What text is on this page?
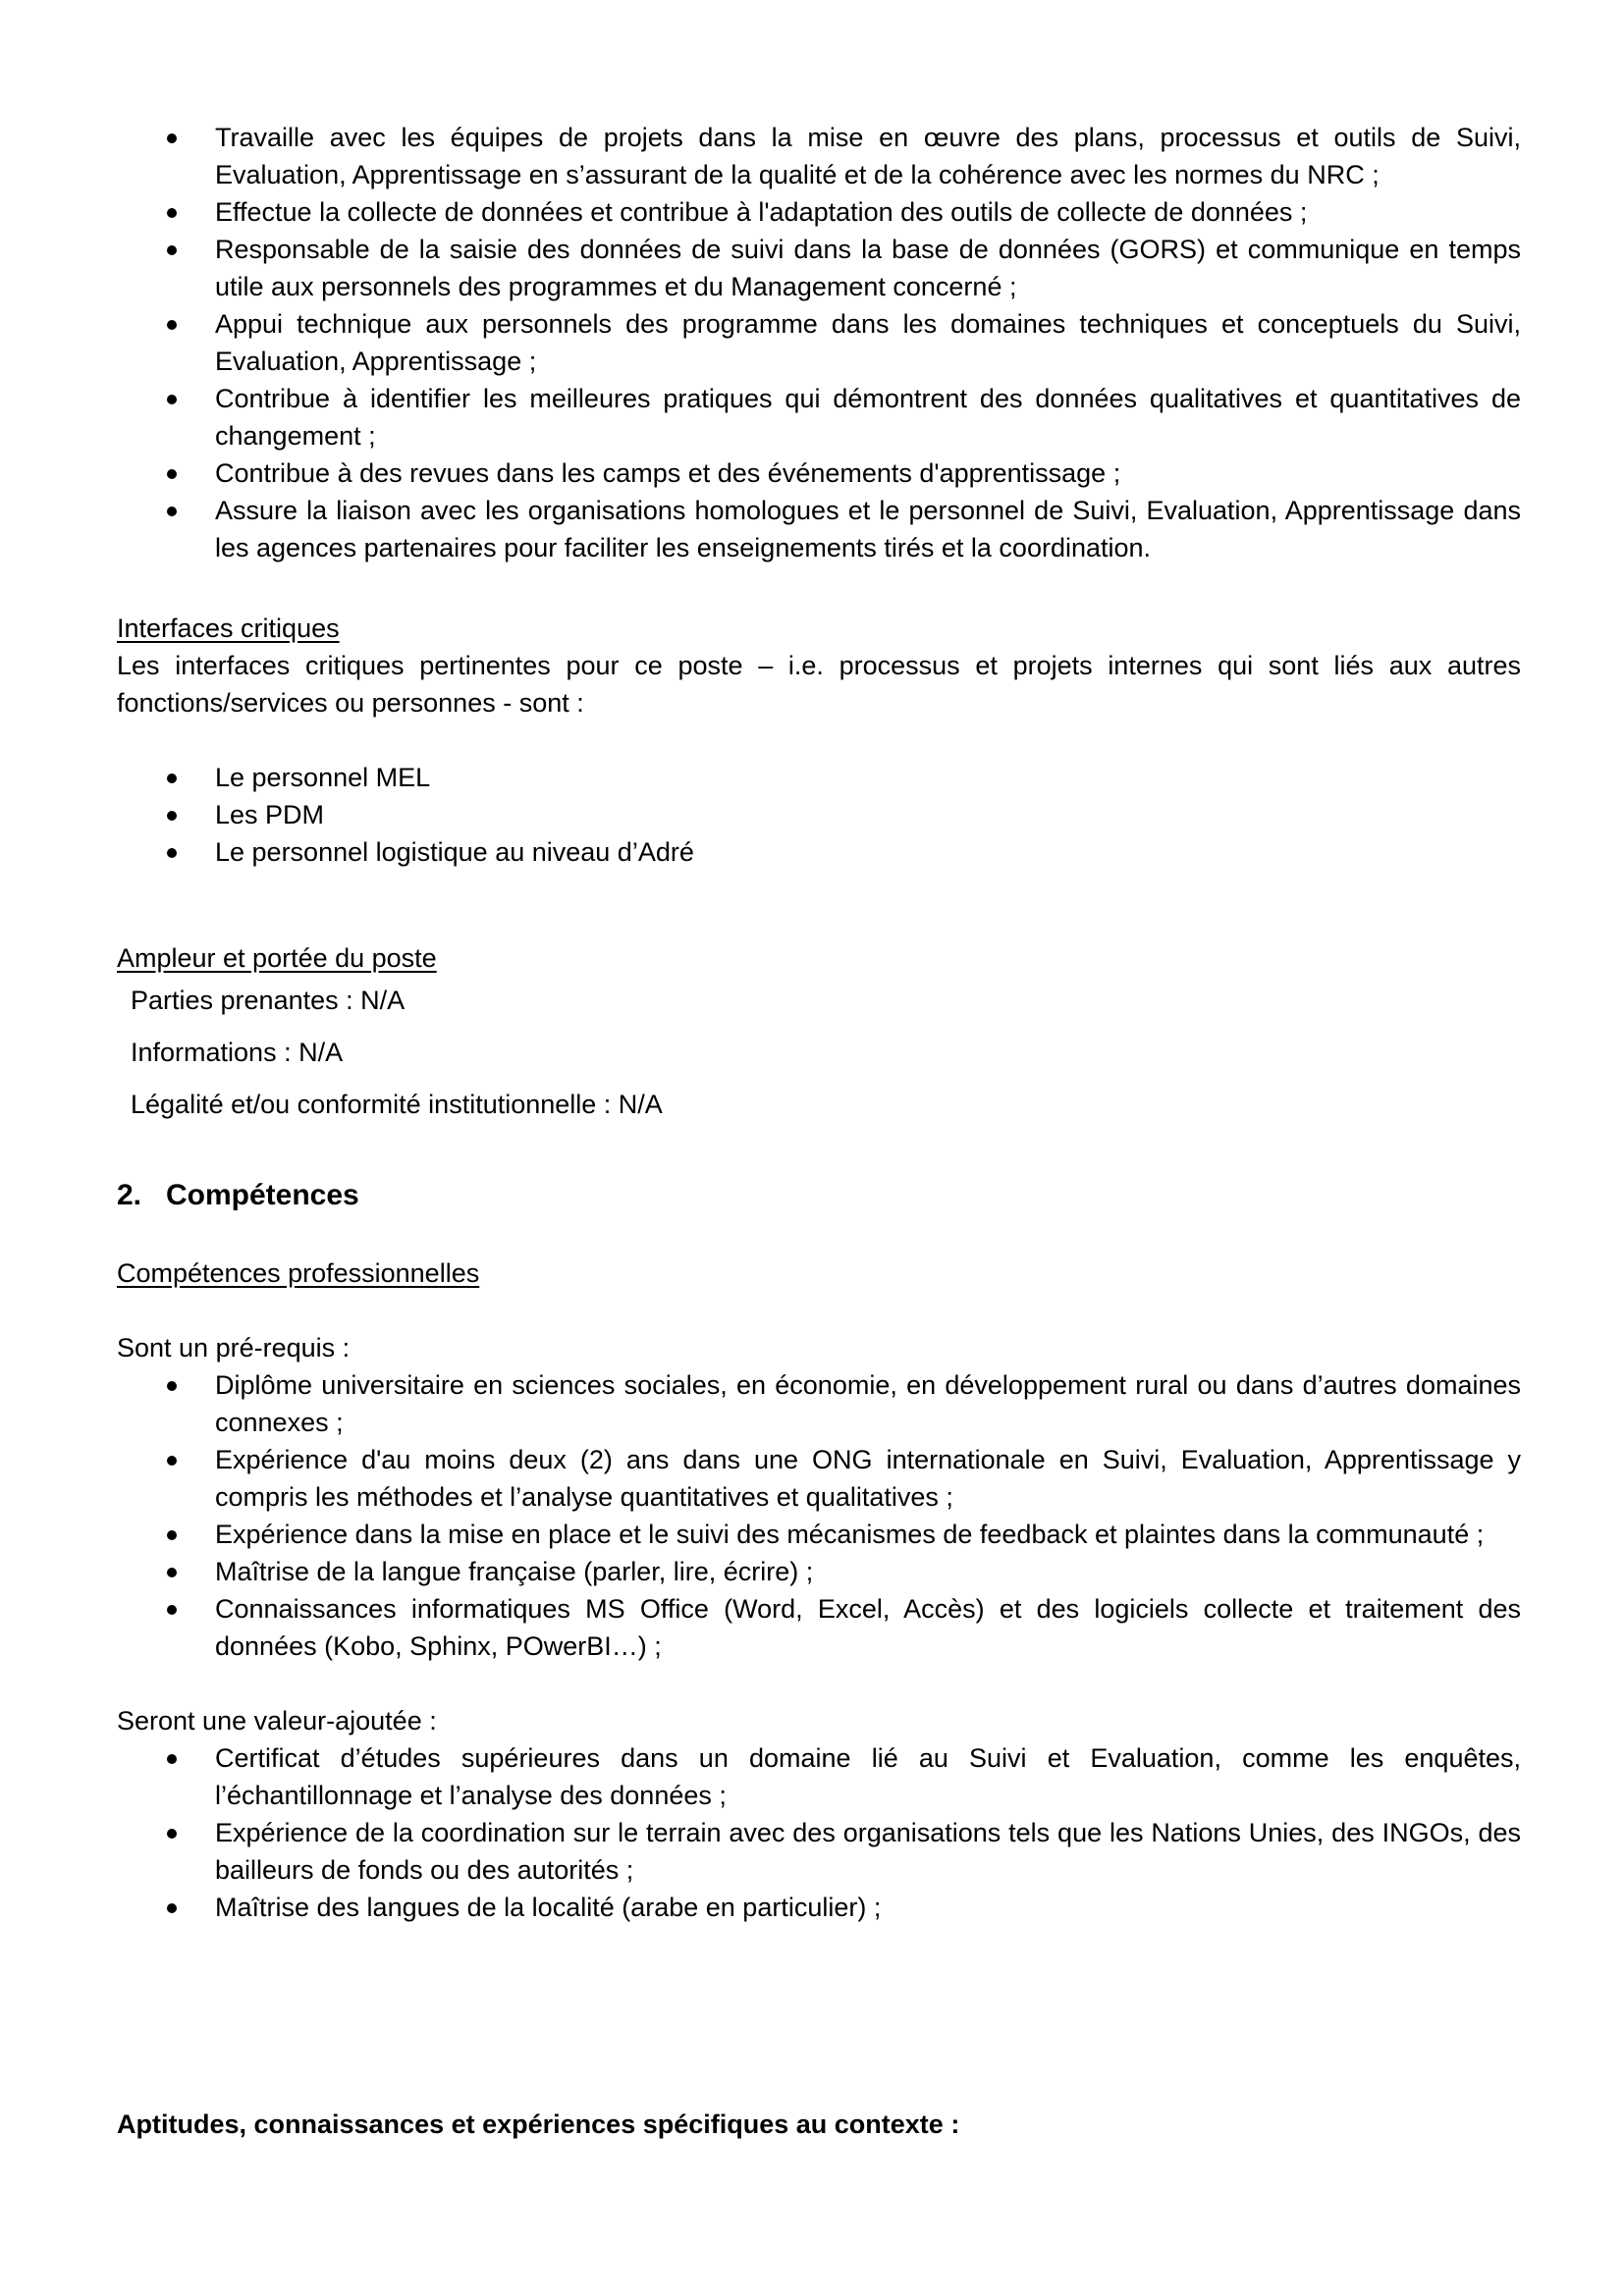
Travaille avec les équipes de projets dans la mise en œuvre des plans, processus et outils de Suivi, Evaluation, Apprentissage en s’assurant de la qualité et de la cohérence avec les normes du NRC ;
Effectue la collecte de données et contribue à l'adaptation des outils de collecte de données ;
Responsable de la saisie des données de suivi dans la base de données (GORS) et communique en temps utile aux personnels des programmes et du Management concerné ;
Appui technique aux personnels des programme dans les domaines techniques et conceptuels du Suivi, Evaluation, Apprentissage ;
Contribue à identifier les meilleures pratiques qui démontrent des données qualitatives et quantitatives de changement ;
Contribue à des revues dans les camps et des événements d'apprentissage ;
Assure la liaison avec les organisations homologues et le personnel de Suivi, Evaluation, Apprentissage dans les agences partenaires pour faciliter les enseignements tirés et la coordination.
Interfaces critiques
Les interfaces critiques pertinentes pour ce poste – i.e. processus et projets internes qui sont liés aux autres fonctions/services ou personnes - sont :
Le personnel MEL
Les PDM
Le personnel logistique au niveau d’Adré
Ampleur et portée du poste
Parties prenantes : N/A
Informations : N/A
Légalité et/ou conformité institutionnelle : N/A
2. Compétences
Compétences professionnelles
Sont un pré-requis :
Diplôme universitaire en sciences sociales, en économie, en développement rural ou dans d’autres domaines connexes ;
Expérience d'au moins deux (2) ans dans une ONG internationale en Suivi, Evaluation, Apprentissage y compris les méthodes et l’analyse quantitatives et qualitatives ;
Expérience dans la mise en place et le suivi des mécanismes de feedback et plaintes dans la communauté ;
Maîtrise de la langue française (parler, lire, écrire) ;
Connaissances informatiques MS Office (Word, Excel, Accès) et des logiciels collecte et traitement des données (Kobo, Sphinx, POwerBI…) ;
Seront une valeur-ajoutée :
Certificat d’études supérieures dans un domaine lié au Suivi et Evaluation, comme les enquêtes, l’échantillonnage et l’analyse des données ;
Expérience de la coordination sur le terrain avec des organisations tels que les Nations Unies, des INGOs, des bailleurs de fonds ou des autorités ;
Maîtrise des langues de la localité (arabe en particulier) ;
Aptitudes, connaissances et expériences spécifiques au contexte :
